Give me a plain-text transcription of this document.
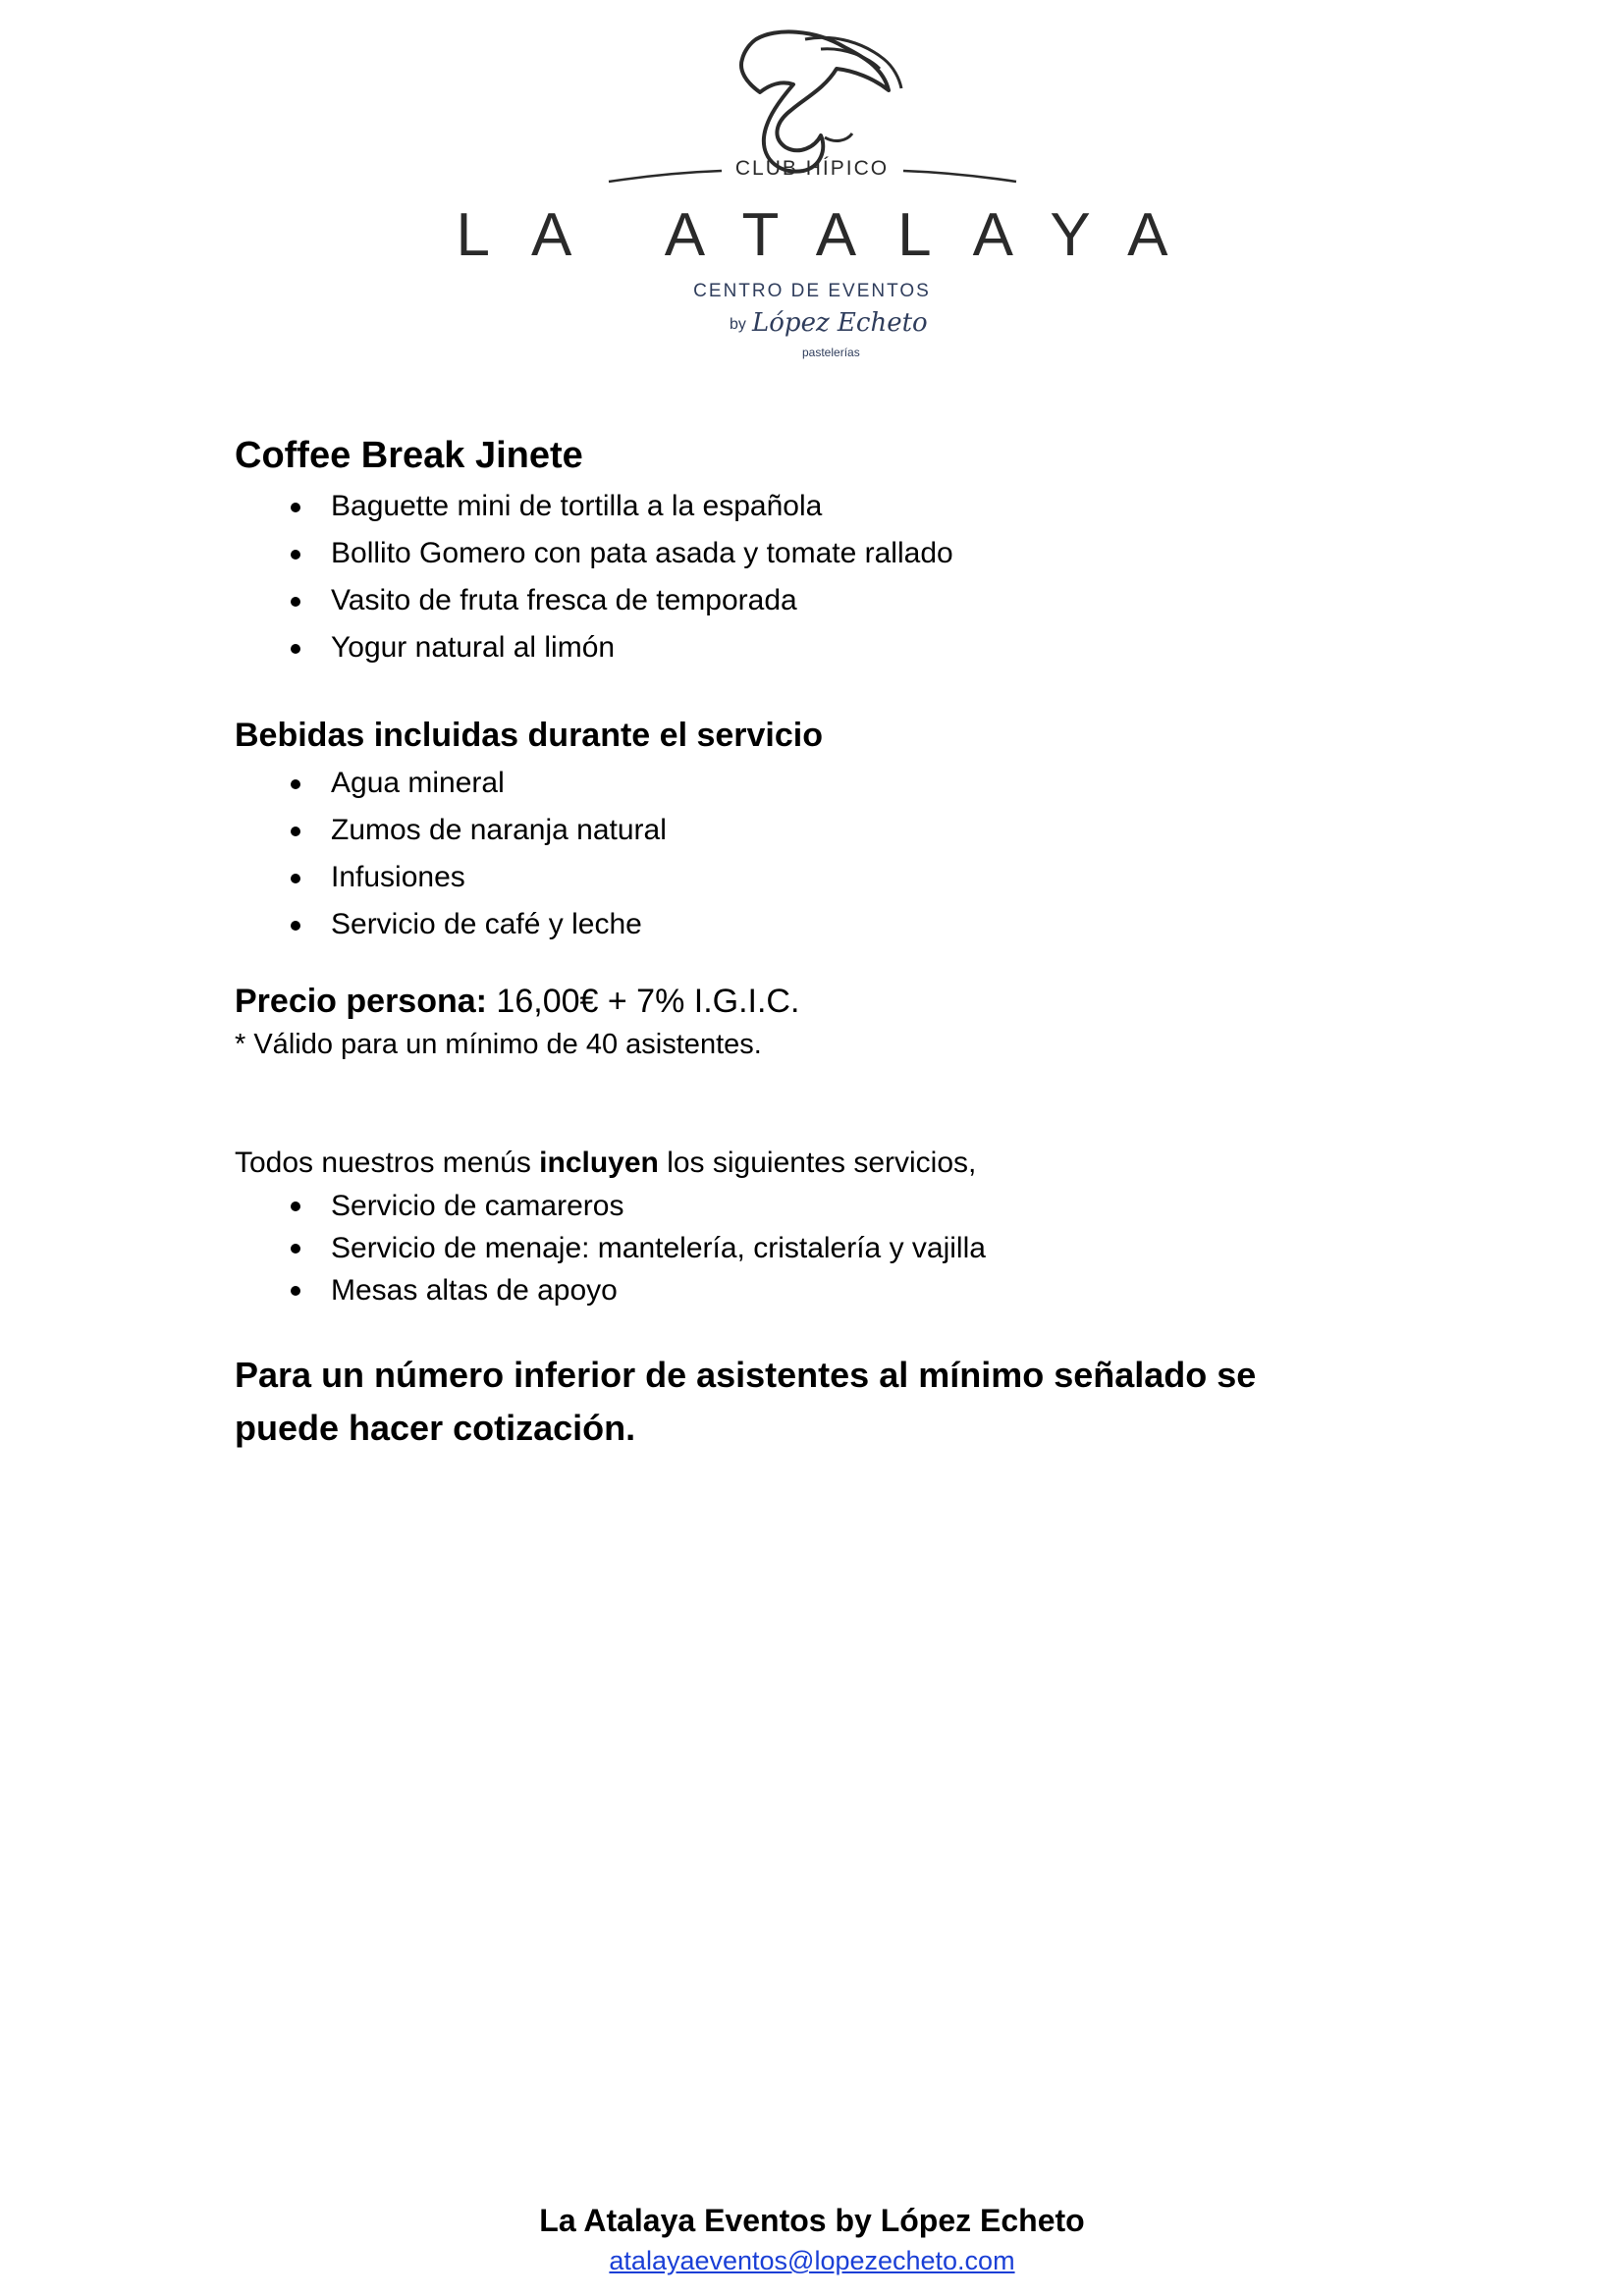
CLUB HÍPICO
LA ATALAYA
CENTRO DE EVENTOS
by López Echeto
pastelerías
Coffee Break Jinete
Baguette mini de tortilla a la española
Bollito Gomero con pata asada y tomate rallado
Vasito de fruta fresca de temporada
Yogur natural al limón
Bebidas incluidas durante el servicio
Agua mineral
Zumos de naranja natural
Infusiones
Servicio de café y leche
Precio persona: 16,00€ + 7% I.G.I.C.
* Válido para un mínimo de 40 asistentes.
Todos nuestros menús incluyen los siguientes servicios,
Servicio de camareros
Servicio de menaje: mantelería, cristalería y vajilla
Mesas altas de apoyo
Para un número inferior de asistentes al mínimo señalado se puede hacer cotización.
La Atalaya Eventos by López Echeto
atalayaeventos@lopezecheto.com
